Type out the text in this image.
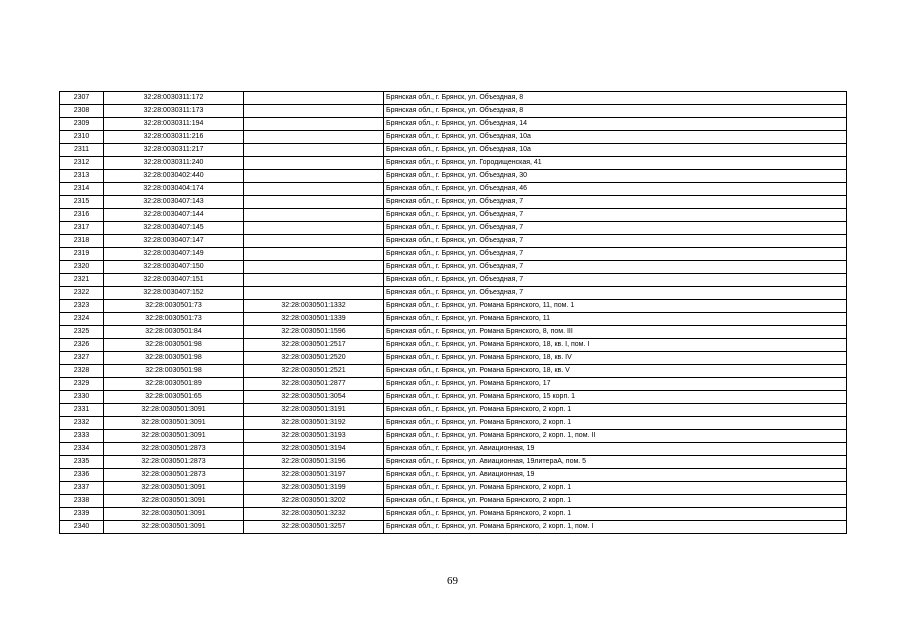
2307	32:28:0030311:172		Брянская обл., г. Брянск, ул. Объездная, 8
2308	32:28:0030311:173		Брянская обл., г. Брянск, ул. Объездная, 8
2309	32:28:0030311:194		Брянская обл., г. Брянск, ул. Объездная, 14
2310	32:28:0030311:216		Брянская обл., г. Брянск, ул. Объездная, 10а
2311	32:28:0030311:217		Брянская обл., г. Брянск, ул. Объездная, 10а
2312	32:28:0030311:240		Брянская обл., г. Брянск, ул. Городищенская, 41
2313	32:28:0030402:440		Брянская обл., г. Брянск, ул. Объездная, 30
2314	32:28:0030404:174		Брянская обл., г. Брянск, ул. Объездная, 46
2315	32:28:0030407:143		Брянская обл., г. Брянск, ул. Объездная, 7
2316	32:28:0030407:144		Брянская обл., г. Брянск, ул. Объездная, 7
2317	32:28:0030407:145		Брянская обл., г. Брянск, ул. Объездная, 7
2318	32:28:0030407:147		Брянская обл., г. Брянск, ул. Объездная, 7
2319	32:28:0030407:149		Брянская обл., г. Брянск, ул. Объездная, 7
2320	32:28:0030407:150		Брянская обл., г. Брянск, ул. Объездная, 7
2321	32:28:0030407:151		Брянская обл., г. Брянск, ул. Объездная, 7
2322	32:28:0030407:152		Брянская обл., г. Брянск, ул. Объездная, 7
2323	32:28:0030501:73	32:28:0030501:1332	Брянская обл., г. Брянск, ул. Романа Брянского, 11, пом. 1
2324	32:28:0030501:73	32:28:0030501:1339	Брянская обл., г. Брянск, ул. Романа Брянского, 11
2325	32:28:0030501:84	32:28:0030501:1596	Брянская обл., г. Брянск, ул. Романа Брянского, 8, пом. III
2326	32:28:0030501:98	32:28:0030501:2517	Брянская обл., г. Брянск, ул. Романа Брянского, 18, кв. I, пом. I
2327	32:28:0030501:98	32:28:0030501:2520	Брянская обл., г. Брянск, ул. Романа Брянского, 18, кв. IV
2328	32:28:0030501:98	32:28:0030501:2521	Брянская обл., г. Брянск, ул. Романа Брянского, 18, кв. V
2329	32:28:0030501:89	32:28:0030501:2877	Брянская обл., г. Брянск, ул. Романа Брянского, 17
2330	32:28:0030501:65	32:28:0030501:3054	Брянская обл., г. Брянск, ул. Романа Брянского, 15 корп. 1
2331	32:28:0030501:3091	32:28:0030501:3191	Брянская обл., г. Брянск, ул. Романа Брянского, 2 корп. 1
2332	32:28:0030501:3091	32:28:0030501:3192	Брянская обл., г. Брянск, ул. Романа Брянского, 2 корп. 1
2333	32:28:0030501:3091	32:28:0030501:3193	Брянская обл., г. Брянск, ул. Романа Брянского, 2 корп. 1, пом. II
2334	32:28:0030501:2873	32:28:0030501:3194	Брянская обл., г. Брянск, ул. Авиационная, 19
2335	32:28:0030501:2873	32:28:0030501:3196	Брянская обл., г. Брянск, ул. Авиационная, 19литераА, пом. 5
2336	32:28:0030501:2873	32:28:0030501:3197	Брянская обл., г. Брянск, ул. Авиационная, 19
2337	32:28:0030501:3091	32:28:0030501:3199	Брянская обл., г. Брянск, ул. Романа Брянского, 2 корп. 1
2338	32:28:0030501:3091	32:28:0030501:3202	Брянская обл., г. Брянск, ул. Романа Брянского, 2 корп. 1
2339	32:28:0030501:3091	32:28:0030501:3232	Брянская обл., г. Брянск, ул. Романа Брянского, 2 корп. 1
2340	32:28:0030501:3091	32:28:0030501:3257	Брянская обл., г. Брянск, ул. Романа Брянского, 2 корп. 1, пом. I
69
